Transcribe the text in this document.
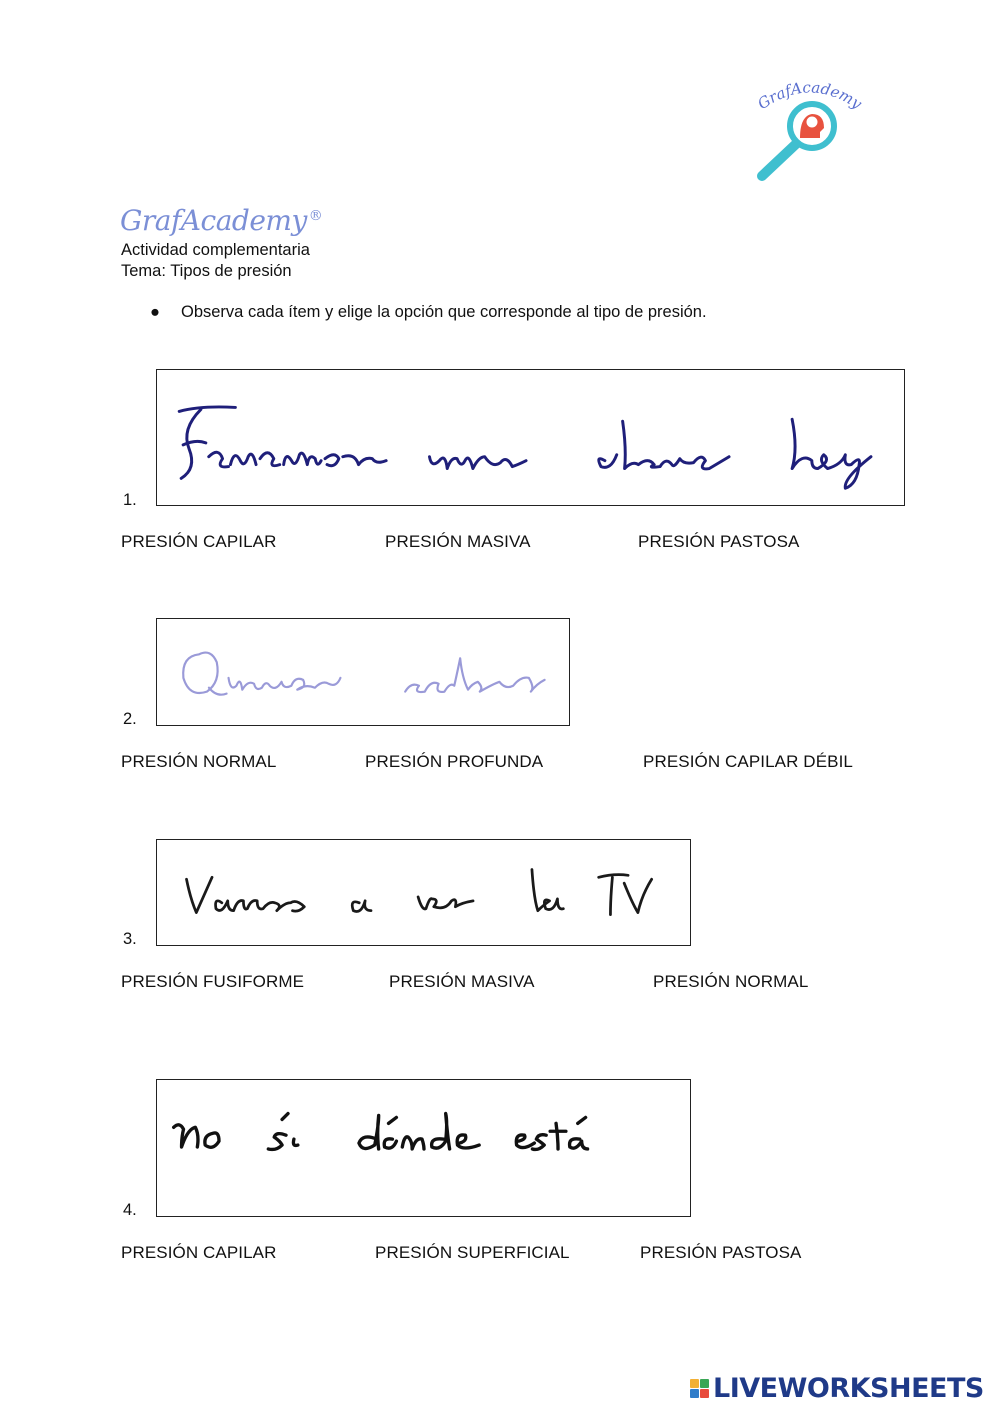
GrafAcademy
GrafAcademy ®
Actividad complementaria
Tema: Tipos de presión
● Observa cada ítem y elige la opción que corresponde al tipo de presión.
1.
PRESIÓN CAPILAR	PRESIÓN MASIVA	PRESIÓN PASTOSA
2.
PRESIÓN NORMAL	PRESIÓN PROFUNDA	PRESIÓN CAPILAR DÉBIL
3.
PRESIÓN FUSIFORME	PRESIÓN MASIVA	PRESIÓN NORMAL
4.
PRESIÓN CAPILAR	PRESIÓN SUPERFICIAL	PRESIÓN PASTOSA
LIVEWORKSHEETS
